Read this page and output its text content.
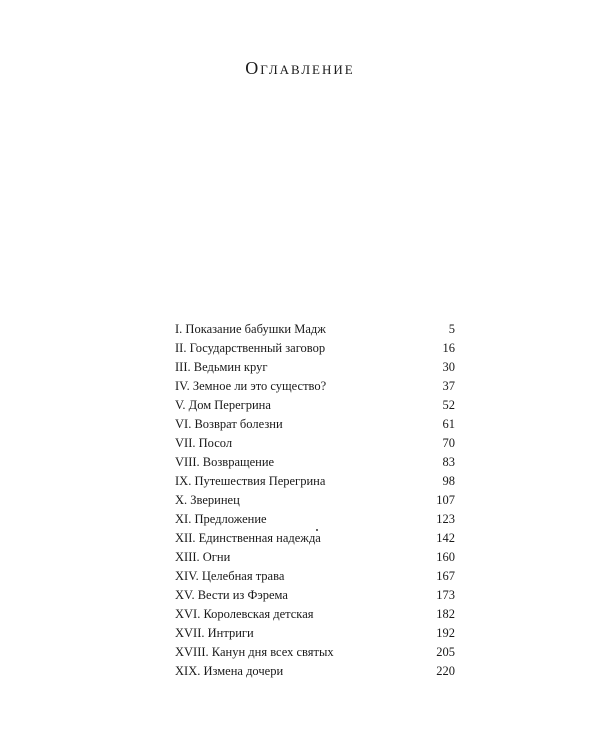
Оглавление
I. Показание бабушки Мадж	5
II. Государственный заговор	16
III. Ведьмин круг	30
IV. Земное ли это существо?	37
V. Дом Перегрина	52
VI. Возврат болезни	61
VII. Посол	70
VIII. Возвращение	83
IX. Путешествия Перегрина	98
X. Зверинец	107
XI. Предложение	123
XII. Единственная надежда	142
XIII. Огни	160
XIV. Целебная трава	167
XV. Вести из Фэрема	173
XVI. Королевская детская	182
XVII. Интриги	192
XVIII. Канун дня всех святых	205
XIX. Измена дочери	220
